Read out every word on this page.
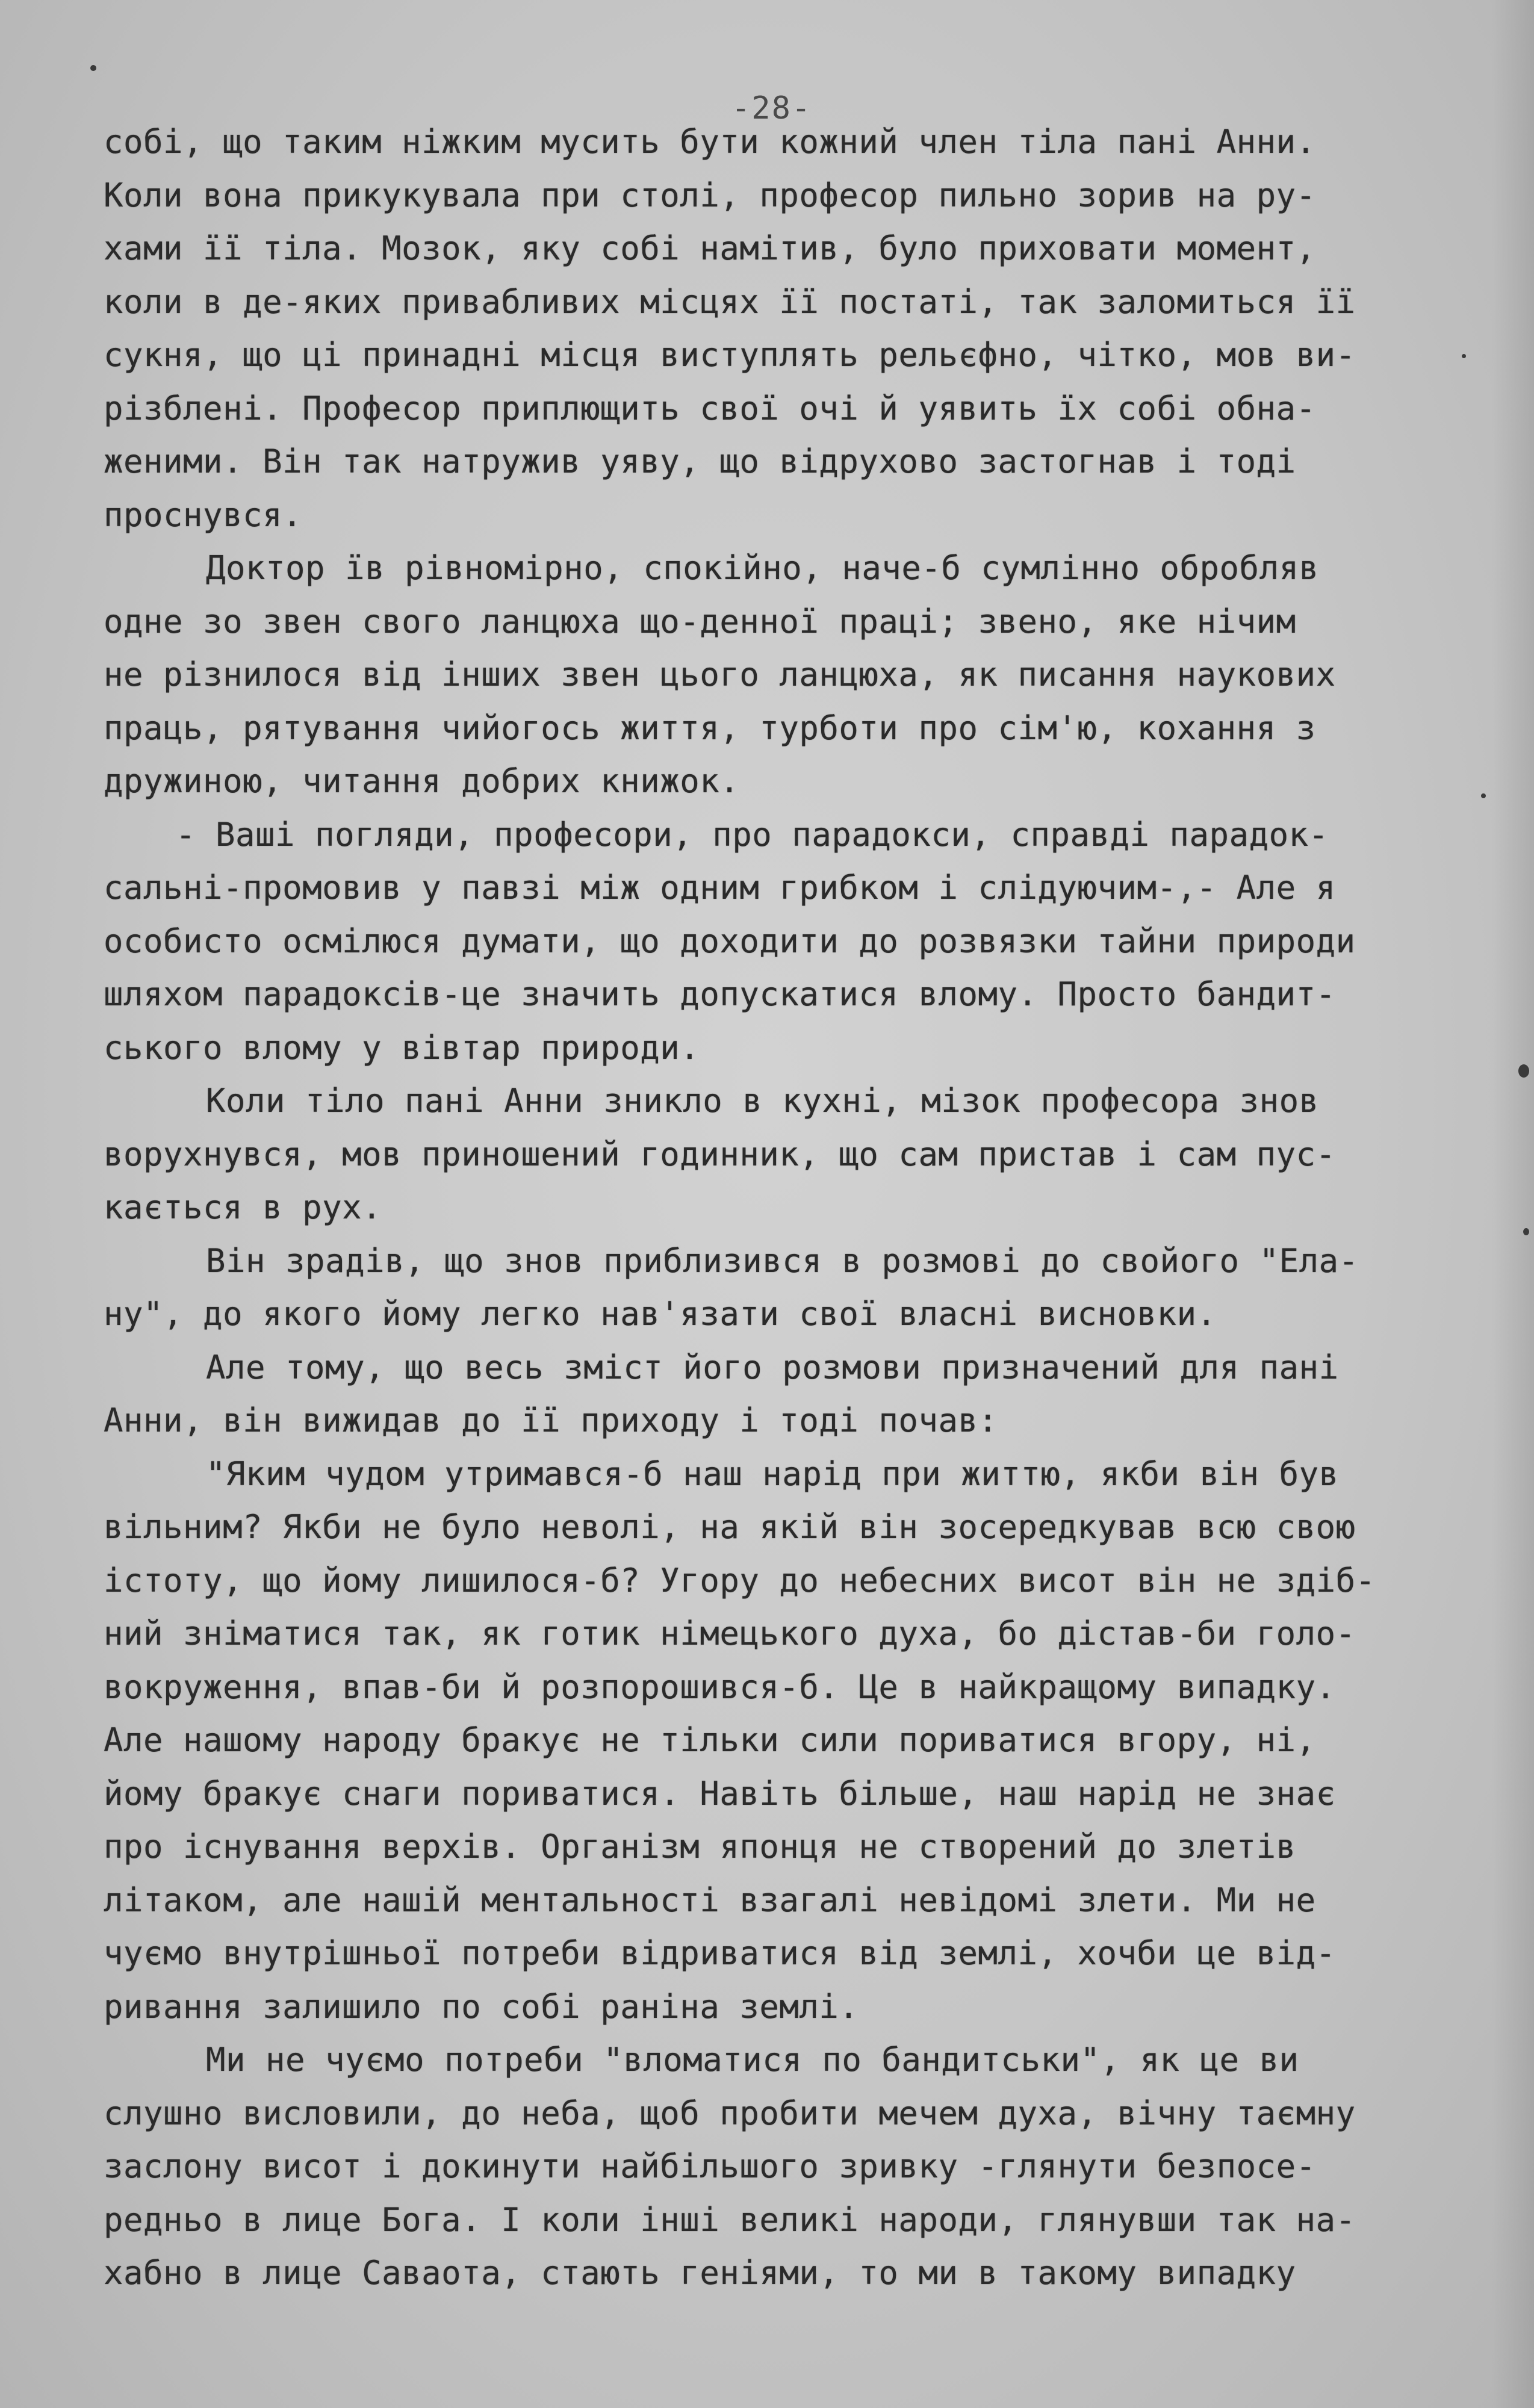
-28-
собі, що таким ніжким мусить бути кожний член тіла пані Анни.
Коли вона прикукувала при столі, професор пильно зорив на ру-
хами її тіла. Мозок, яку собі намітив, було приховати момент,
коли в де-яких привабливих місцях її постаті, так заломиться її
сукня, що ці принадні місця виступлять рельєфно, чітко, мов ви-
різблені. Професор приплющить свої очі й уявить їх собі обна-
женими. Він так натружив уяву, що відрухово застогнав і тоді
проснувся.
Доктор їв рівномірно, спокійно, наче-б сумлінно обробляв
одне зо звен свого ланцюха що-денної праці; звено, яке нічим
не різнилося від інших звен цього ланцюха, як писання наукових
праць, рятування чийогось життя, турботи про сім'ю, кохання з
дружиною, читання добрих книжок.
- Ваші погляди, професори, про парадокси, справді парадок-
сальні-промовив у павзі між одним грибком і слідуючим-,- Але я
особисто осмілюся думати, що доходити до розвязки тайни природи
шляхом парадоксів-це значить допускатися влому. Просто бандит-
ського влому у вівтар природи.
Коли тіло пані Анни зникло в кухні, мізок професора знов
ворухнувся, мов приношений годинник, що сам пристав і сам пус-
кається в рух.
Він зрадів, що знов приблизився в розмові до свойого "Ела-
ну", до якого йому легко нав'язати свої власні висновки.
Але тому, що весь зміст його розмови призначений для пані
Анни, він вижидав до її приходу і тоді почав:
"Яким чудом утримався-б наш нарід при життю, якби він був
вільним? Якби не було неволі, на якій він зосередкував всю свою
істоту, що йому лишилося-б? Угору до небесних висот він не здіб-
ний зніматися так, як готик німецького духа, бо дістав-би голо-
вокруження, впав-би й розпорошився-б. Це в найкращому випадку.
Але нашому народу бракує не тільки сили пориватися вгору, ні,
йому бракує снаги пориватися. Навіть більше, наш нарід не знає
про існування верхів. Організм японця не створений до злетів
літаком, але нашій ментальності взагалі невідомі злети. Ми не
чуємо внутрішньої потреби відриватися від землі, хочби це від-
ривання залишило по собі раніна землі.
Ми не чуємо потреби "вломатися по бандитськи", як це ви
слушно висловили, до неба, щоб пробити мечем духа, вічну таємну
заслону висот і докинути найбільшого зривку -глянути безпосе-
редньо в лице Бога. І коли інші великі народи, глянувши так на-
хабно в лице Саваота, стають геніями, то ми в такому випадку
